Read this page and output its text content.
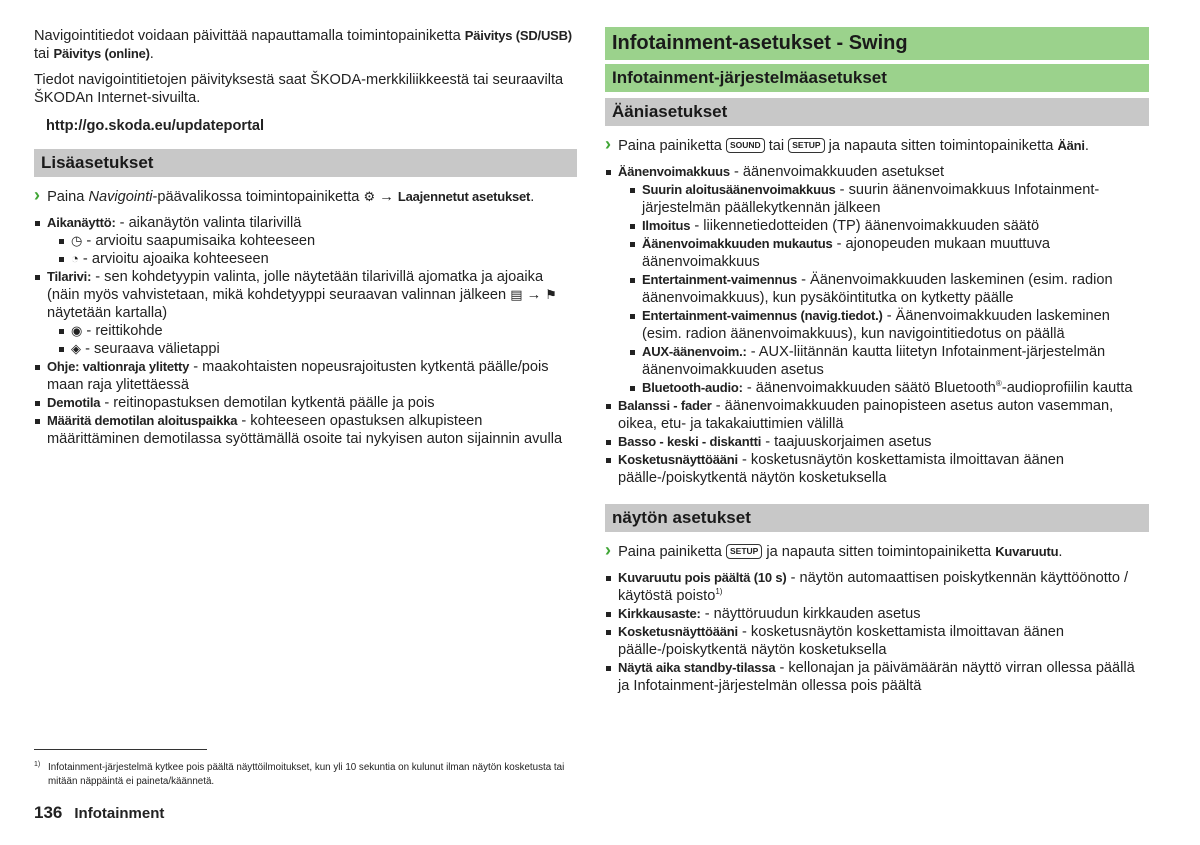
Navigointitiedot voidaan päivittää napauttamalla toimintopainiketta Päivitys (SD/USB) tai Päivitys (online).

Tiedot navigointitietojen päivityksestä saat ŠKODA-merkkiliikkeestä tai seuraavilta ŠKODAn Internet-sivuilta.

http://go.skoda.eu/updateportal
Lisäasetukset
› Paina Navigointi-päävalikossa toimintopainiketta ⚙ → Laajennetut asetukset.
Aikanäyttö: - aikanäytön valinta tilarivillä
◷ - arvioitu saapumisaika kohteeseen
◔ - arvioitu ajoaika kohteeseen
Tilarivi: - sen kohdetyypin valinta, jolle näytetään tilarivillä ajomatka ja ajoaika (näin myös vahvistetaan, mikä kohdetyyppi seuraavan valinnan jälkeen ▤ → ⚑ näytetään kartalla)
◉ - reittikohde
◈ - seuraava välietappi
Ohje: valtionraja ylitetty - maakohtaisten nopeusrajoitusten kytkentä päälle/pois maan raja ylitettäessä
Demotila - reitinopastuksen demotilan kytkentä päälle ja pois
Määritä demotilan aloituspaikka - kohteeseen opastuksen alkupisteen määrittäminen demotilassa syöttämällä osoite tai nykyisen auton sijainnin avulla
Infotainment-asetukset - Swing
Infotainment-järjestelmäasetukset
Ääniasetukset
› Paina painiketta SOUND tai SETUP ja napauta sitten toimintopainiketta Ääni.
Äänenvoimakkuus - äänenvoimakkuuden asetukset
Suurin aloitusäänenvoimakkuus - suurin äänenvoimakkuus Infotainment-järjestelmän päällekytkennän jälkeen
Ilmoitus - liikennetiedotteiden (TP) äänenvoimakkuuden säätö
Äänenvoimakkuuden mukautus - ajonopeuden mukaan muuttuva äänenvoimakkuus
Entertainment-vaimennus - Äänenvoimakkuuden laskeminen (esim. radion äänenvoimakkuus), kun pysäköintitutka on kytketty päälle
Entertainment-vaimennus (navig.tiedot.) - Äänenvoimakkuuden laskeminen (esim. radion äänenvoimakkuus), kun navigointitiedotus on päällä
AUX-äänenvoim.: - AUX-liitännän kautta liitetyn Infotainment-järjestelmän äänenvoimakkuuden asetus
Bluetooth-audio: - äänenvoimakkuuden säätö Bluetooth®-audioprofiilin kautta
Balanssi - fader - äänenvoimakkuuden painopisteen asetus auton vasemman, oikea, etu- ja takakaiuttimien välillä
Basso - keski - diskantti - taajuuskorjaimen asetus
Kosketusnäyttöääni - kosketusnäytön koskettamista ilmoittavan äänen päälle-/poiskytkentä näytön kosketuksella
näytön asetukset
› Paina painiketta SETUP ja napauta sitten toimintopainiketta Kuvaruutu.
Kuvaruutu pois päältä (10 s) - näytön automaattisen poiskytkennän käyttöönotto / käytöstä poisto$^{1)}$
Kirkkausaste: - näyttöruudun kirkkauden asetus
Kosketusnäyttöääni - kosketusnäytön koskettamista ilmoittavan äänen päälle-/poiskytkentä näytön kosketuksella
Näytä aika standby-tilassa - kellonajan ja päivämäärän näyttö virran ollessa päällä ja Infotainment-järjestelmän ollessa pois päältä
1) Infotainment-järjestelmä kytkee pois päältä näyttöilmoitukset, kun yli 10 sekuntia on kulunut ilman näytön kosketusta tai mitään näppäintä ei paineta/käännetä.
136 Infotainment
